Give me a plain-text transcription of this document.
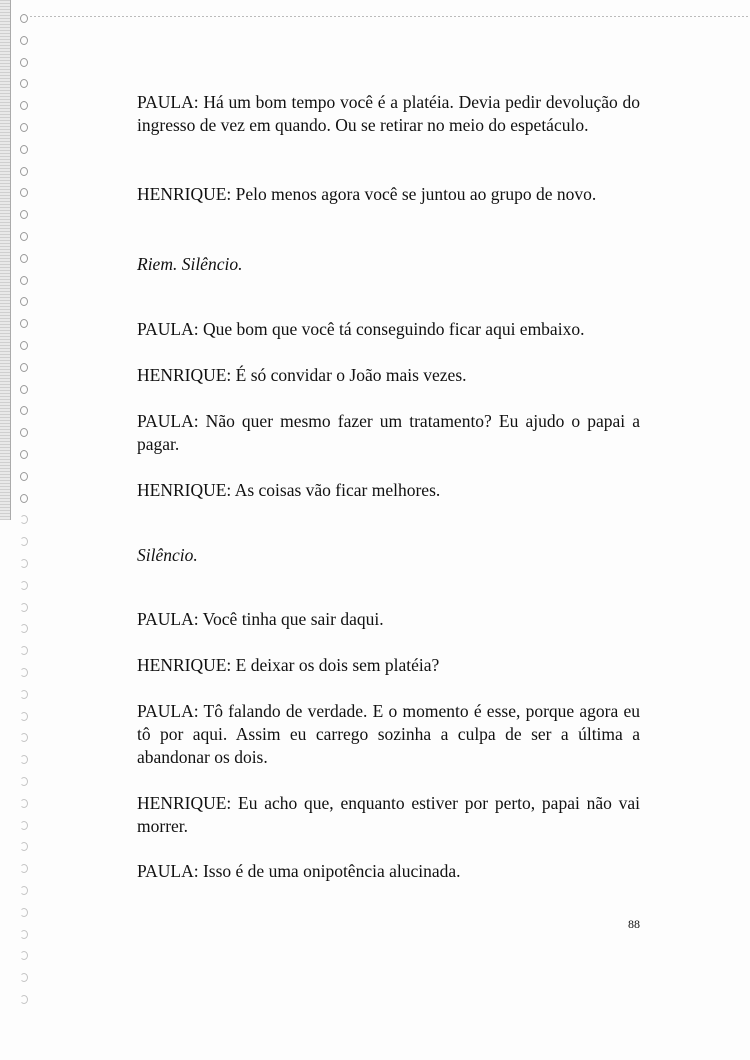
PAULA: Há um bom tempo você é a platéia. Devia pedir devolução do ingresso de vez em quando. Ou se retirar no meio do espetáculo.

HENRIQUE: Pelo menos agora você se juntou ao grupo de novo.

Riem. Silêncio.

PAULA: Que bom que você tá conseguindo ficar aqui embaixo.

HENRIQUE: É só convidar o João mais vezes.

PAULA: Não quer mesmo fazer um tratamento? Eu ajudo o papai a pagar.

HENRIQUE: As coisas vão ficar melhores.

Silêncio.

PAULA: Você tinha que sair daqui.

HENRIQUE: E deixar os dois sem platéia?

PAULA: Tô falando de verdade. E o momento é esse, porque agora eu tô por aqui. Assim eu carrego sozinha a culpa de ser a última a abandonar os dois.

HENRIQUE: Eu acho que, enquanto estiver por perto, papai não vai morrer.

PAULA: Isso é de uma onipotência alucinada.

88
